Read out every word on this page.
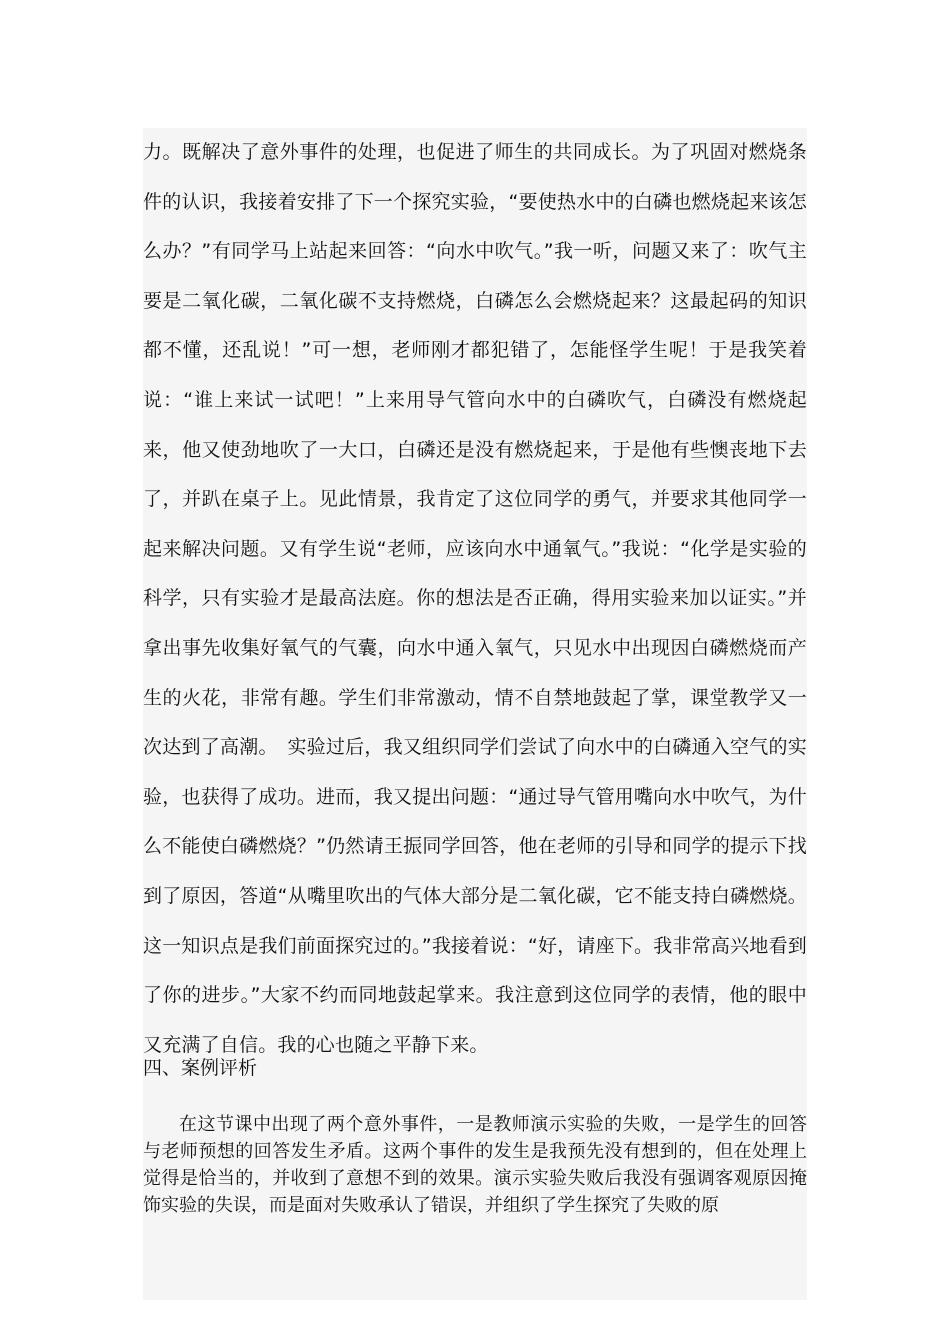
力。既解决了意外事件的处理，也促进了师生的共同成长。为了巩固对燃烧条件的认识，我接着安排了下一个探究实验，“要使热水中的白磷也燃烧起来该怎么办？”有同学马上站起来回答：“向水中吹气。”我一听，问题又来了：吹气主要是二氧化碳，二氧化碳不支持燃烧，白磷怎么会燃烧起来？这最起码的知识都不懂，还乱说！”可一想，老师刚才都犯错了，怎能怪学生呢！于是我笑着说：“谁上来试一试吧！”上来用导气管向水中的白磷吹气，白磷没有燃烧起来，他又使劲地吹了一大口，白磷还是没有燃烧起来，于是他有些懊丧地下去了，并趴在桌子上。见此情景，我肯定了这位同学的勇气，并要求其他同学一起来解决问题。又有学生说“老师，应该向水中通氧气。”我说：“化学是实验的科学，只有实验才是最高法庭。你的想法是否正确，得用实验来加以证实。”并拿出事先收集好氧气的气囊，向水中通入氧气，只见水中出现因白磷燃烧而产生的火花，非常有趣。学生们非常激动，情不自禁地鼓起了掌，课堂教学又一次达到了高潮。　实验过后，我又组织同学们尝试了向水中的白磷通入空气的实验，也获得了成功。进而，我又提出问题：“通过导气管用嘴向水中吹气，为什么不能使白磷燃烧？”仍然请王振同学回答，他在老师的引导和同学的提示下找到了原因，答道“从嘴里吹出的气体大部分是二氧化碳，它不能支持白磷燃烧。这一知识点是我们前面探究过的。”我接着说：“好，请座下。我非常高兴地看到了你的进步。”大家不约而同地鼓起掌来。我注意到这位同学的表情，他的眼中又充满了自信。我的心也随之平静下来。

四、案例评析

在这节课中出现了两个意外事件，一是教师演示实验的失败，一是学生的回答与老师预想的回答发生矛盾。这两个事件的发生是我预先没有想到的，但在处理上觉得是恰当的，并收到了意想不到的效果。演示实验失败后我没有强调客观原因掩饰实验的失误，而是面对失败承认了错误，并组织了学生探究了失败的原
